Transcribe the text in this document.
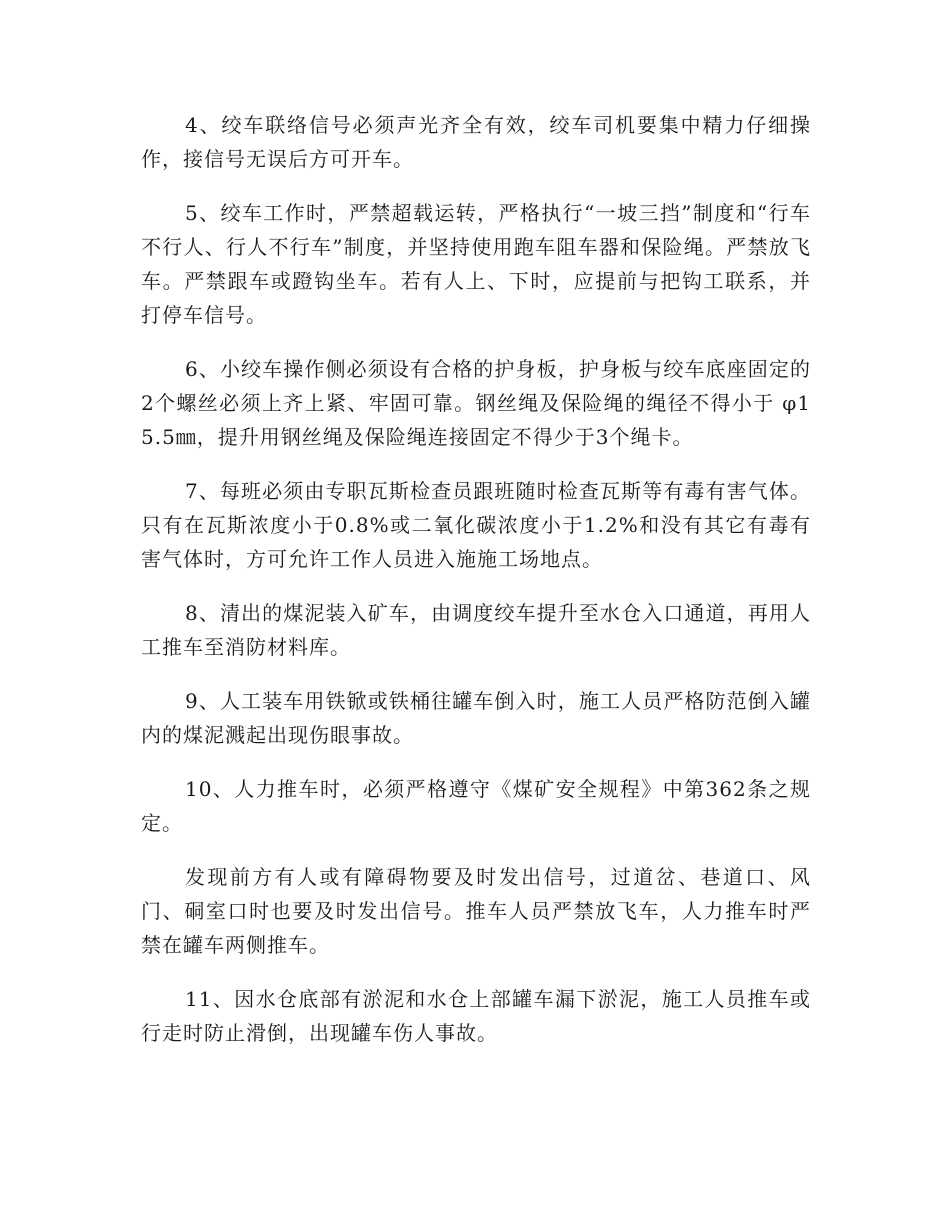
4、绞车联络信号必须声光齐全有效，绞车司机要集中精力仔细操作，接信号无误后方可开车。

5、绞车工作时，严禁超载运转，严格执行“一坡三挡”制度和“行车不行人、行人不行车”制度，并坚持使用跑车阻车器和保险绳。严禁放飞车。严禁跟车或蹬钩坐车。若有人上、下时，应提前与把钩工联系，并打停车信号。

6、小绞车操作侧必须设有合格的护身板，护身板与绞车底座固定的2个螺丝必须上齐上紧、牢固可靠。钢丝绳及保险绳的绳径不得小于 φ15.5㎜，提升用钢丝绳及保险绳连接固定不得少于3个绳卡。

7、每班必须由专职瓦斯检查员跟班随时检查瓦斯等有毒有害气体。只有在瓦斯浓度小于0.8%或二氧化碳浓度小于1.2%和没有其它有毒有害气体时，方可允许工作人员进入施施工场地点。

8、清出的煤泥装入矿车，由调度绞车提升至水仓入口通道，再用人工推车至消防材料库。

9、人工装车用铁锨或铁桶往罐车倒入时，施工人员严格防范倒入罐内的煤泥溅起出现伤眼事故。

10、人力推车时，必须严格遵守《煤矿安全规程》中第362条之规定。

发现前方有人或有障碍物要及时发出信号，过道岔、巷道口、风门、硐室口时也要及时发出信号。推车人员严禁放飞车，人力推车时严禁在罐车两侧推车。

11、因水仓底部有淤泥和水仓上部罐车漏下淤泥，施工人员推车或行走时防止滑倒，出现罐车伤人事故。
